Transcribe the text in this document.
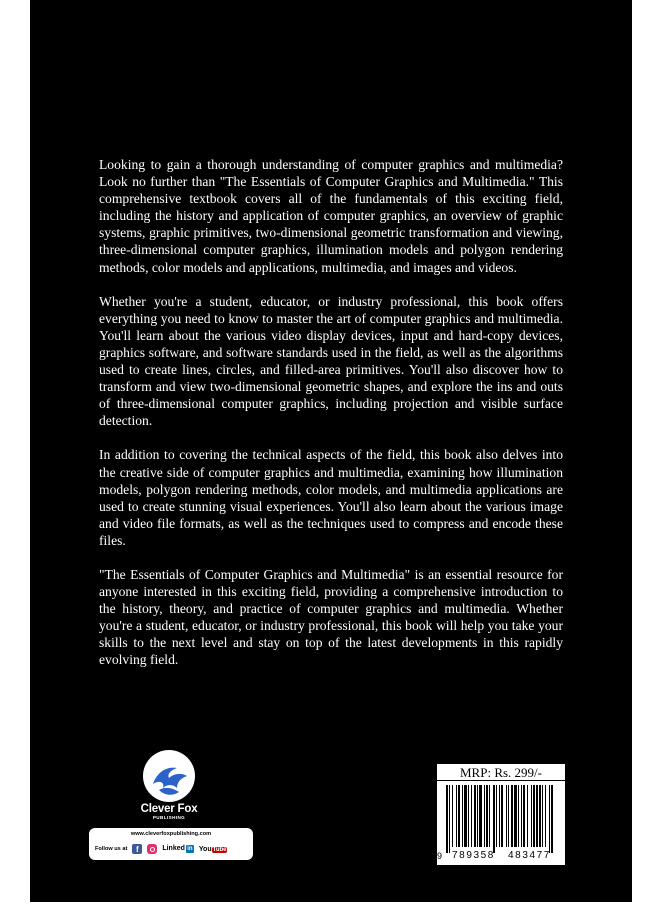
Looking to gain a thorough understanding of computer graphics and multimedia? Look no further than "The Essentials of Computer Graphics and Multimedia." This comprehensive textbook covers all of the fundamentals of this exciting field, including the history and application of computer graphics, an overview of graphic systems, graphic primitives, two-dimensional geometric transformation and viewing, three-dimensional computer graphics, illumination models and polygon rendering methods, color models and applications, multimedia, and images and videos.

Whether you're a student, educator, or industry professional, this book offers everything you need to know to master the art of computer graphics and multimedia. You'll learn about the various video display devices, input and hard-copy devices, graphics software, and software standards used in the field, as well as the algorithms used to create lines, circles, and filled-area primitives. You'll also discover how to transform and view two-dimensional geometric shapes, and explore the ins and outs of three-dimensional computer graphics, including projection and visible surface detection.

In addition to covering the technical aspects of the field, this book also delves into the creative side of computer graphics and multimedia, examining how illumination models, polygon rendering methods, color models, and multimedia applications are used to create stunning visual experiences. You'll also learn about the various image and video file formats, as well as the techniques used to compress and encode these files.

"The Essentials of Computer Graphics and Multimedia" is an essential resource for anyone interested in this exciting field, providing a comprehensive introduction to the history, theory, and practice of computer graphics and multimedia. Whether you're a student, educator, or industry professional, this book will help you take your skills to the next level and stay on top of the latest developments in this rapidly evolving field.

Clever Fox
PUBLISHING
www.cleverfoxpublishing.com
Follow us at	f	Linked in YouTube
MRP: Rs. 299/-
9 789358 483477
